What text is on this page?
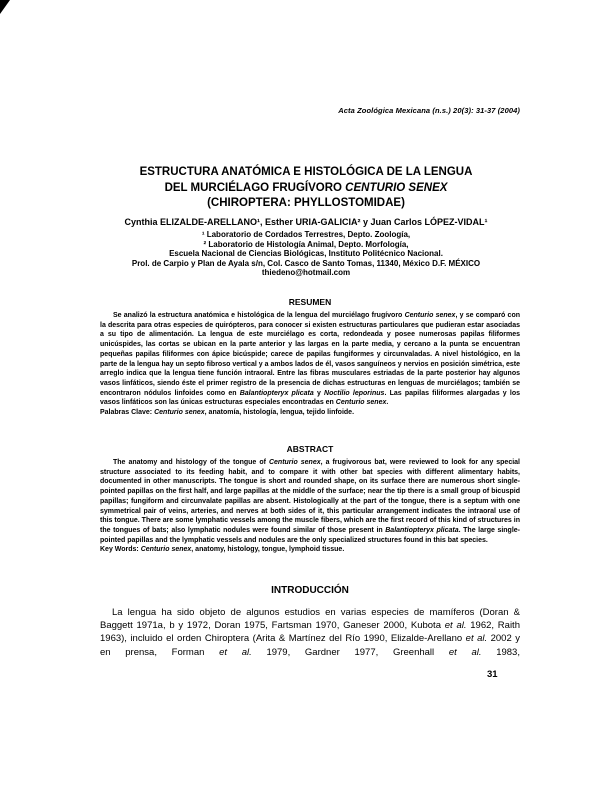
Acta Zoológica Mexicana (n.s.) 20(3): 31-37 (2004)
ESTRUCTURA ANATÓMICA E HISTOLÓGICA DE LA LENGUA
DEL MURCIÉLAGO FRUGÍVORO CENTURIO SENEX
(CHIROPTERA: PHYLLOSTOMIDAE)
Cynthia ELIZALDE-ARELLANO¹, Esther URIA-GALICIA² y Juan Carlos LÓPEZ-VIDAL¹
¹ Laboratorio de Cordados Terrestres, Depto. Zoología,
² Laboratorio de Histología Animal, Depto. Morfología,
Escuela Nacional de Ciencias Biológicas, Instituto Politécnico Nacional.
Prol. de Carpio y Plan de Ayala s/n, Col. Casco de Santo Tomas, 11340, México D.F. MÉXICO
thiedeno@hotmail.com
RESUMEN
Se analizó la estructura anatómica e histológica de la lengua del murciélago frugívoro Centurio senex, y se comparó con la descrita para otras especies de quirópteros, para conocer si existen estructuras particulares que pudieran estar asociadas a su tipo de alimentación. La lengua de este murciélago es corta, redondeada y posee numerosas papilas filiformes unicúspides, las cortas se ubican en la parte anterior y las largas en la parte media, y cercano a la punta se encuentran pequeñas papilas filiformes con ápice bicúspide; carece de papilas fungiformes y circunvaladas. A nivel histológico, en la parte de la lengua hay un septo fibroso vertical y a ambos lados de él, vasos sanguíneos y nervios en posición simétrica, este arreglo indica que la lengua tiene función intraoral. Entre las fibras musculares estriadas de la parte posterior hay algunos vasos linfáticos, siendo éste el primer registro de la presencia de dichas estructuras en lenguas de murciélagos; también se encontraron nódulos linfoides como en Balantiopteryx plicata y Noctilio leporinus. Las papilas filiformes alargadas y los vasos linfáticos son las únicas estructuras especiales encontradas en Centurio senex.
Palabras Clave: Centurio senex, anatomía, histología, lengua, tejido linfoide.
ABSTRACT
The anatomy and histology of the tongue of Centurio senex, a frugivorous bat, were reviewed to look for any special structure associated to its feeding habit, and to compare it with other bat species with different alimentary habits, documented in other manuscripts. The tongue is short and rounded shape, on its surface there are numerous short single-pointed papillas on the first half, and large papillas at the middle of the surface; near the tip there is a small group of bicuspid papillas; fungiform and circunvalate papillas are absent. Histologically at the part of the tongue, there is a septum with one symmetrical pair of veins, arteries, and nerves at both sides of it, this particular arrangement indicates the intraoral use of this tongue. There are some lymphatic vessels among the muscle fibers, which are the first record of this kind of structures in the tongues of bats; also lymphatic nodules were found similar of those present in Balantiopteryx plicata. The large single-pointed papillas and the lymphatic vessels and nodules are the only specialized structures found in this bat species.
Key Words: Centurio senex, anatomy, histology, tongue, lymphoid tissue.
INTRODUCCIÓN
La lengua ha sido objeto de algunos estudios en varias especies de mamíferos (Doran & Baggett 1971a, b y 1972, Doran 1975, Fartsman 1970, Ganeser 2000, Kubota et al. 1962, Raith 1963), incluido el orden Chiroptera (Arita & Martínez del Río 1990, Elizalde-Arellano et al. 2002 y en prensa, Forman et al. 1979, Gardner 1977, Greenhall et al. 1983,
31
